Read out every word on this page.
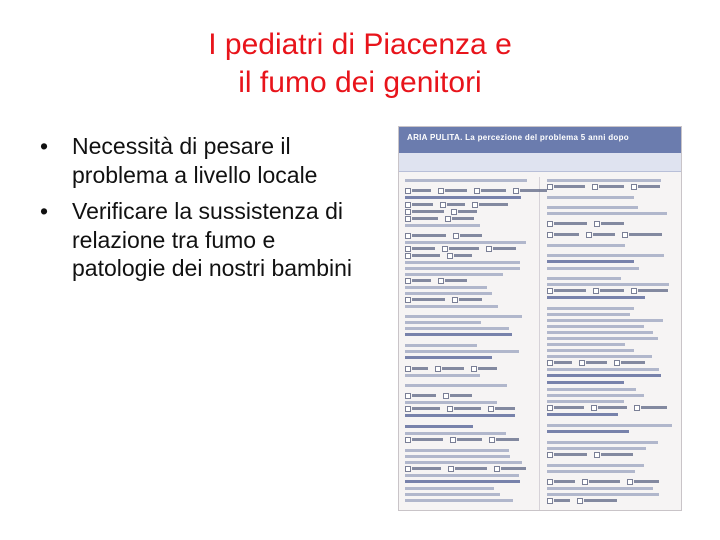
I pediatri di Piacenza e
il fumo dei genitori
• Necessità di pesare il problema a livello locale
• Verificare la sussistenza di relazione tra fumo e patologie dei nostri bambini
ARIA PULITA. La percezione del problema 5 anni dopo
